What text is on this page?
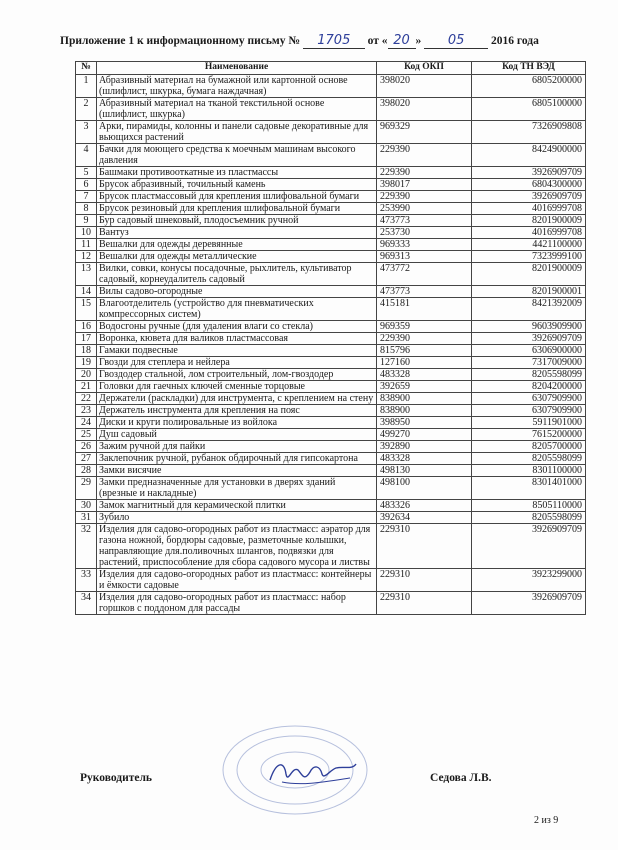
Приложение 1 к информационному письму № 1705 от « 20 » 05 2016 года
№	Наименование	Код ОКП	Код ТН ВЭД
1	Абразивный материал на бумажной или картонной основе (шлифлист, шкурка, бумага наждачная)	398020	6805200000
2	Абразивный материал на тканой текстильной основе (шлифлист, шкурка)	398020	6805100000
3	Арки, пирамиды, колонны и панели садовые декоративные для вьющихся растений	969329	7326909808
4	Бачки для моющего средства к моечным машинам высокого давления	229390	8424900000
5	Башмаки противооткатные из пластмассы	229390	3926909709
6	Брусок абразивный, точильный камень	398017	6804300000
7	Брусок пластмассовый для крепления шлифовальной бумаги	229390	3926909709
8	Брусок резиновый для крепления шлифовальной бумаги	253990	4016999708
9	Бур садовый шнековый, плодосъемник ручной	473773	8201900009
10	Вантуз	253730	4016999708
11	Вешалки для одежды деревянные	969333	4421100000
12	Вешалки для одежды металлические	969313	7323999100
13	Вилки, совки, конусы посадочные, рыхлитель, культиватор садовый, корнеудалитель садовый	473772	8201900009
14	Вилы садово-огородные	473773	8201900001
15	Влагоотделитель (устройство для пневматических компрессорных систем)	415181	8421392009
16	Водосгоны ручные (для удаления влаги со стекла)	969359	9603909900
17	Воронка, кювета для валиков пластмассовая	229390	3926909709
18	Гамаки подвесные	815796	6306900000
19	Гвозди для степлера и нейлера	127160	7317009000
20	Гвоздодер стальной, лом строительный, лом-гвоздодер	483328	8205598099
21	Головки для гаечных ключей сменные торцовые	392659	8204200000
22	Держатели (раскладки) для инструмента, с креплением на стену	838900	6307909900
23	Держатель инструмента для крепления на пояс	838900	6307909900
24	Диски и круги полировальные из войлока	398950	5911901000
25	Душ садовый	499270	7615200000
26	Зажим ручной для пайки	392890	8205700000
27	Заклепочник ручной, рубанок обдирочный для гипсокартона	483328	8205598099
28	Замки висячие	498130	8301100000
29	Замки предназначенные для установки в дверях зданий (врезные и накладные)	498100	8301401000
30	Замок магнитный для керамической плитки	483326	8505110000
31	Зубило	392634	8205598099
32	Изделия для садово-огородных работ из пластмасс: аэратор для газона ножной, бордюры садовые, разметочные колышки, направляющие для.поливочных шлангов, подвязки для растений, приспособление для сбора садового мусора и листвы	229310	3926909709
33	Изделия для садово-огородных работ из пластмасс: контейнеры и ёмкости садовые	229310	3923299000
34	Изделия для садово-огородных работ из пластмасс: набор горшков с поддоном для рассады	229310	3926909709
Руководитель	Седова Л.В.
2 из 9
